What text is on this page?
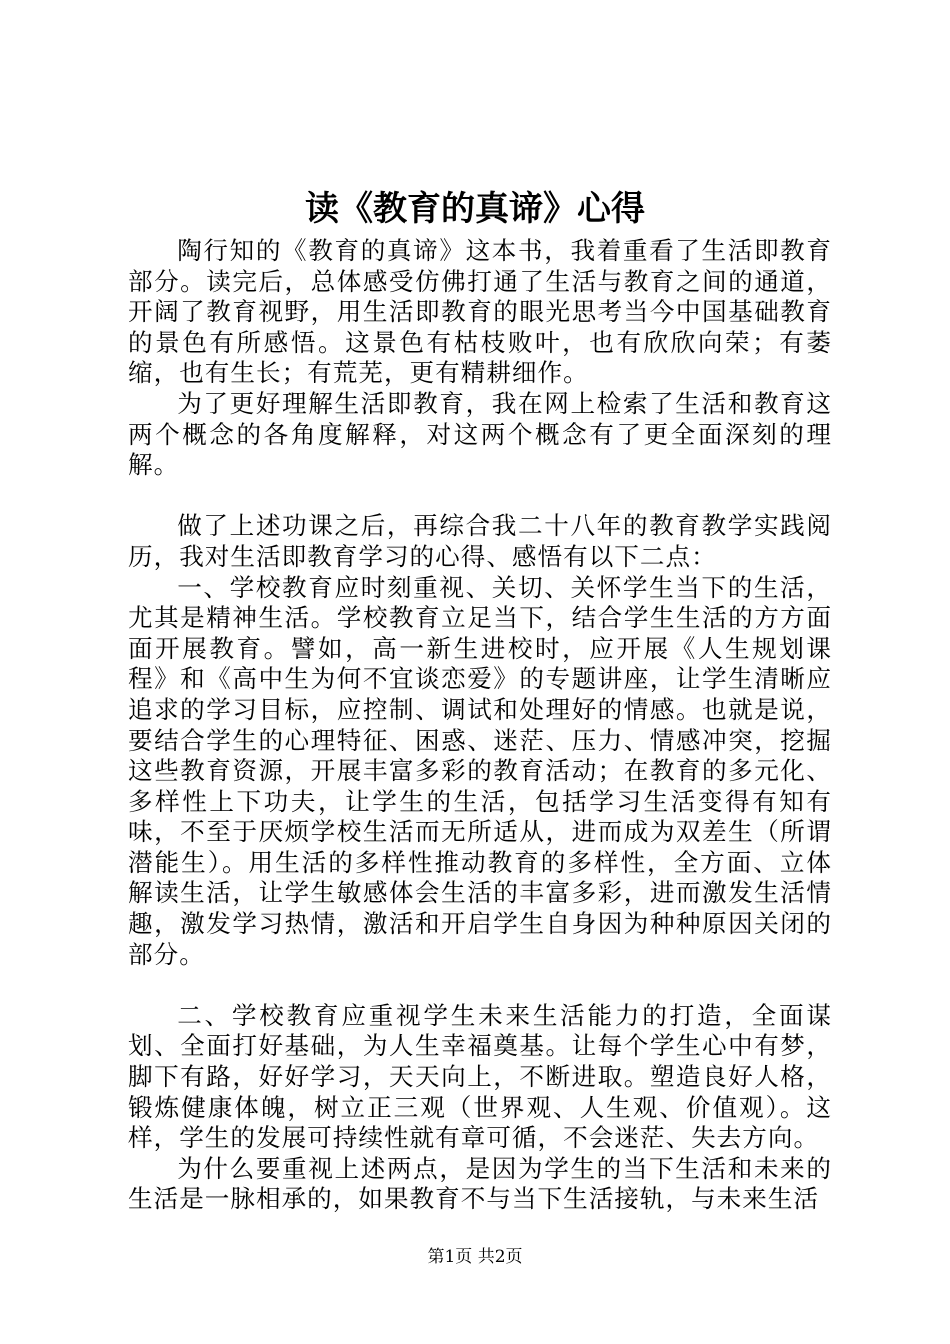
读《教育的真谛》心得

陶行知的《教育的真谛》这本书，我着重看了生活即教育部分。读完后，总体感受仿佛打通了生活与教育之间的通道，开阔了教育视野，用生活即教育的眼光思考当今中国基础教育的景色有所感悟。这景色有枯枝败叶，也有欣欣向荣；有萎缩，也有生长；有荒芜，更有精耕细作。

为了更好理解生活即教育，我在网上检索了生活和教育这两个概念的各角度解释，对这两个概念有了更全面深刻的理解。

做了上述功课之后，再综合我二十八年的教育教学实践阅历，我对生活即教育学习的心得、感悟有以下二点：

一、学校教育应时刻重视、关切、关怀学生当下的生活，尤其是精神生活。学校教育立足当下，结合学生生活的方方面面开展教育。譬如，高一新生进校时，应开展《人生规划课程》和《高中生为何不宜谈恋爱》的专题讲座，让学生清晰应追求的学习目标，应控制、调试和处理好的情感。也就是说，要结合学生的心理特征、困惑、迷茫、压力、情感冲突，挖掘这些教育资源，开展丰富多彩的教育活动；在教育的多元化、多样性上下功夫，让学生的生活，包括学习生活变得有知有味，不至于厌烦学校生活而无所适从，进而成为双差生（所谓潜能生）。用生活的多样性推动教育的多样性，全方面、立体解读生活，让学生敏感体会生活的丰富多彩，进而激发生活情趣，激发学习热情，激活和开启学生自身因为种种原因关闭的部分。

二、学校教育应重视学生未来生活能力的打造，全面谋划、全面打好基础，为人生幸福奠基。让每个学生心中有梦，脚下有路，好好学习，天天向上，不断进取。塑造良好人格，锻炼健康体魄，树立正三观（世界观、人生观、价值观）。这样，学生的发展可持续性就有章可循，不会迷茫、失去方向。

为什么要重视上述两点，是因为学生的当下生活和未来的生活是一脉相承的，如果教育不与当下生活接轨，与未来生活

第1页 共2页
